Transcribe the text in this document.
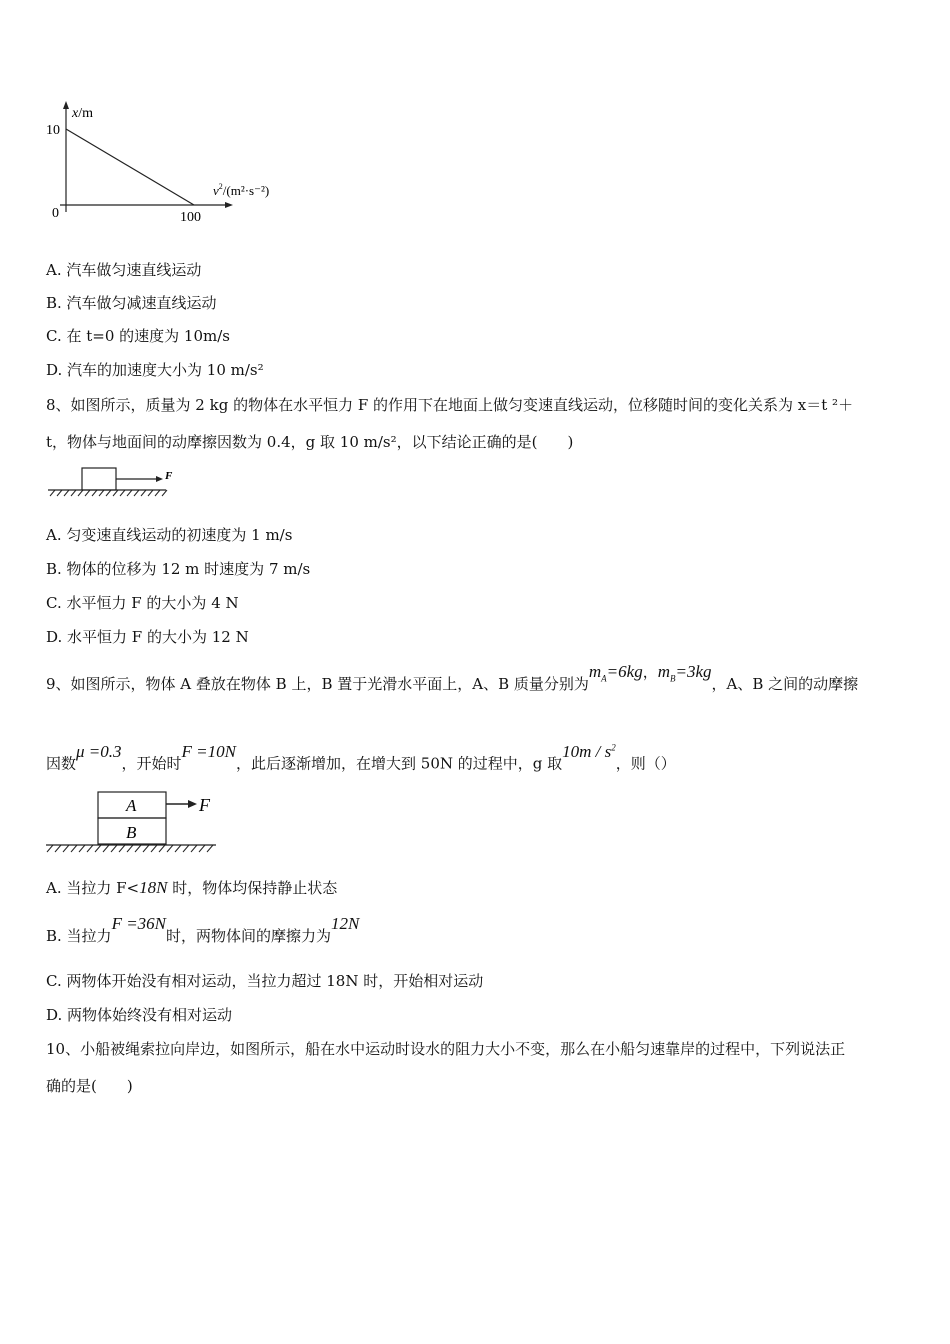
x/m
10
0	100
$v^2/(m^2\cdot s^{-2})$
A. 汽车做匀速直线运动
B. 汽车做匀减速直线运动
C. 在 t=0 的速度为 10m/s
D. 汽车的加速度大小为 10 m/s²
8、如图所示，质量为 2 kg 的物体在水平恒力 F 的作用下在地面上做匀变速直线运动，位移随时间的变化关系为 x＝t ²＋
t，物体与地面间的动摩擦因数为 0.4，g 取 10 m/s²，以下结论正确的是(　　)
F
A. 匀变速直线运动的初速度为 1 m/s
B. 物体的位移为 12 m 时速度为 7 m/s
C. 水平恒力 F 的大小为 4 N
D. 水平恒力 F 的大小为 12 N
9、如图所示，物体 A 叠放在物体 B 上，B 置于光滑水平面上，A、B 质量分别为$m_A=6kg$，$m_B=3kg$，A、B 之间的动摩擦
因数μ =0.3，开始时F =10N，此后逐渐增加，在增大到 50N 的过程中，g 取$10m / s^2$，则（）
A
B
F
A. 当拉力 F<18N 时，物体均保持静止状态
B. 当拉力F =36N时，两物体间的摩擦力为12N
C. 两物体开始没有相对运动，当拉力超过 18N 时，开始相对运动
D. 两物体始终没有相对运动
10、小船被绳索拉向岸边，如图所示，船在水中运动时设水的阻力大小不变，那么在小船匀速靠岸的过程中，下列说法正
确的是(　　)
